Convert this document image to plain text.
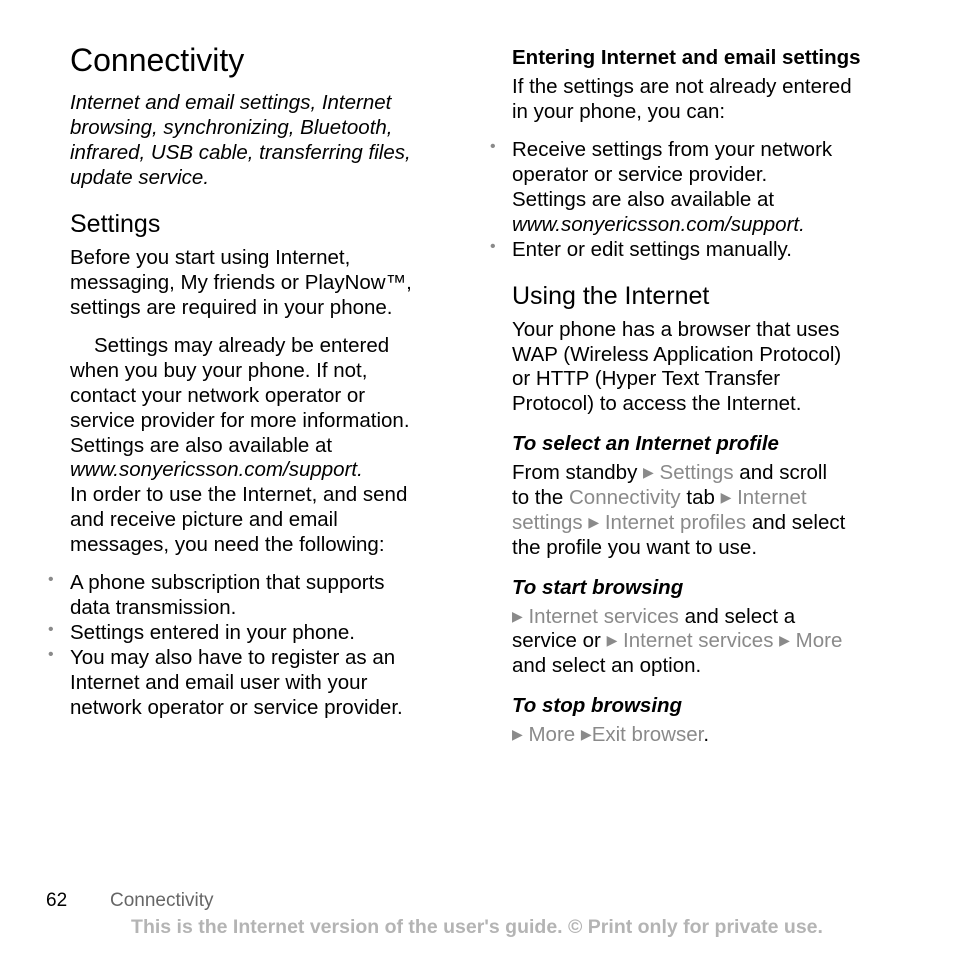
Connectivity
Internet and email settings, Internet
browsing, synchronizing, Bluetooth,
infrared, USB cable, transferring files,
update service.
Settings
Before you start using Internet,
messaging, My friends or PlayNow™,
settings are required in your phone.
Settings may already be entered
when you buy your phone. If not,
contact your network operator or
service provider for more information.
Settings are also available at
www.sonyericsson.com/support.
In order to use the Internet, and send
and receive picture and email
messages, you need the following:
• A phone subscription that supports
data transmission.
• Settings entered in your phone.
• You may also have to register as an
Internet and email user with your
network operator or service provider.
Entering Internet and email settings
If the settings are not already entered
in your phone, you can:
• Receive settings from your network
operator or service provider.
Settings are also available at
www.sonyericsson.com/support.
• Enter or edit settings manually.
Using the Internet
Your phone has a browser that uses
WAP (Wireless Application Protocol)
or HTTP (Hyper Text Transfer
Protocol) to access the Internet.
To select an Internet profile
From standby ▶ Settings and scroll
to the Connectivity tab ▶ Internet
settings ▶ Internet profiles and select
the profile you want to use.
To start browsing
▶ Internet services and select a
service or ▶ Internet services ▶ More
and select an option.
To stop browsing
▶ More ▶Exit browser.
62 Connectivity
This is the Internet version of the user's guide. © Print only for private use.
